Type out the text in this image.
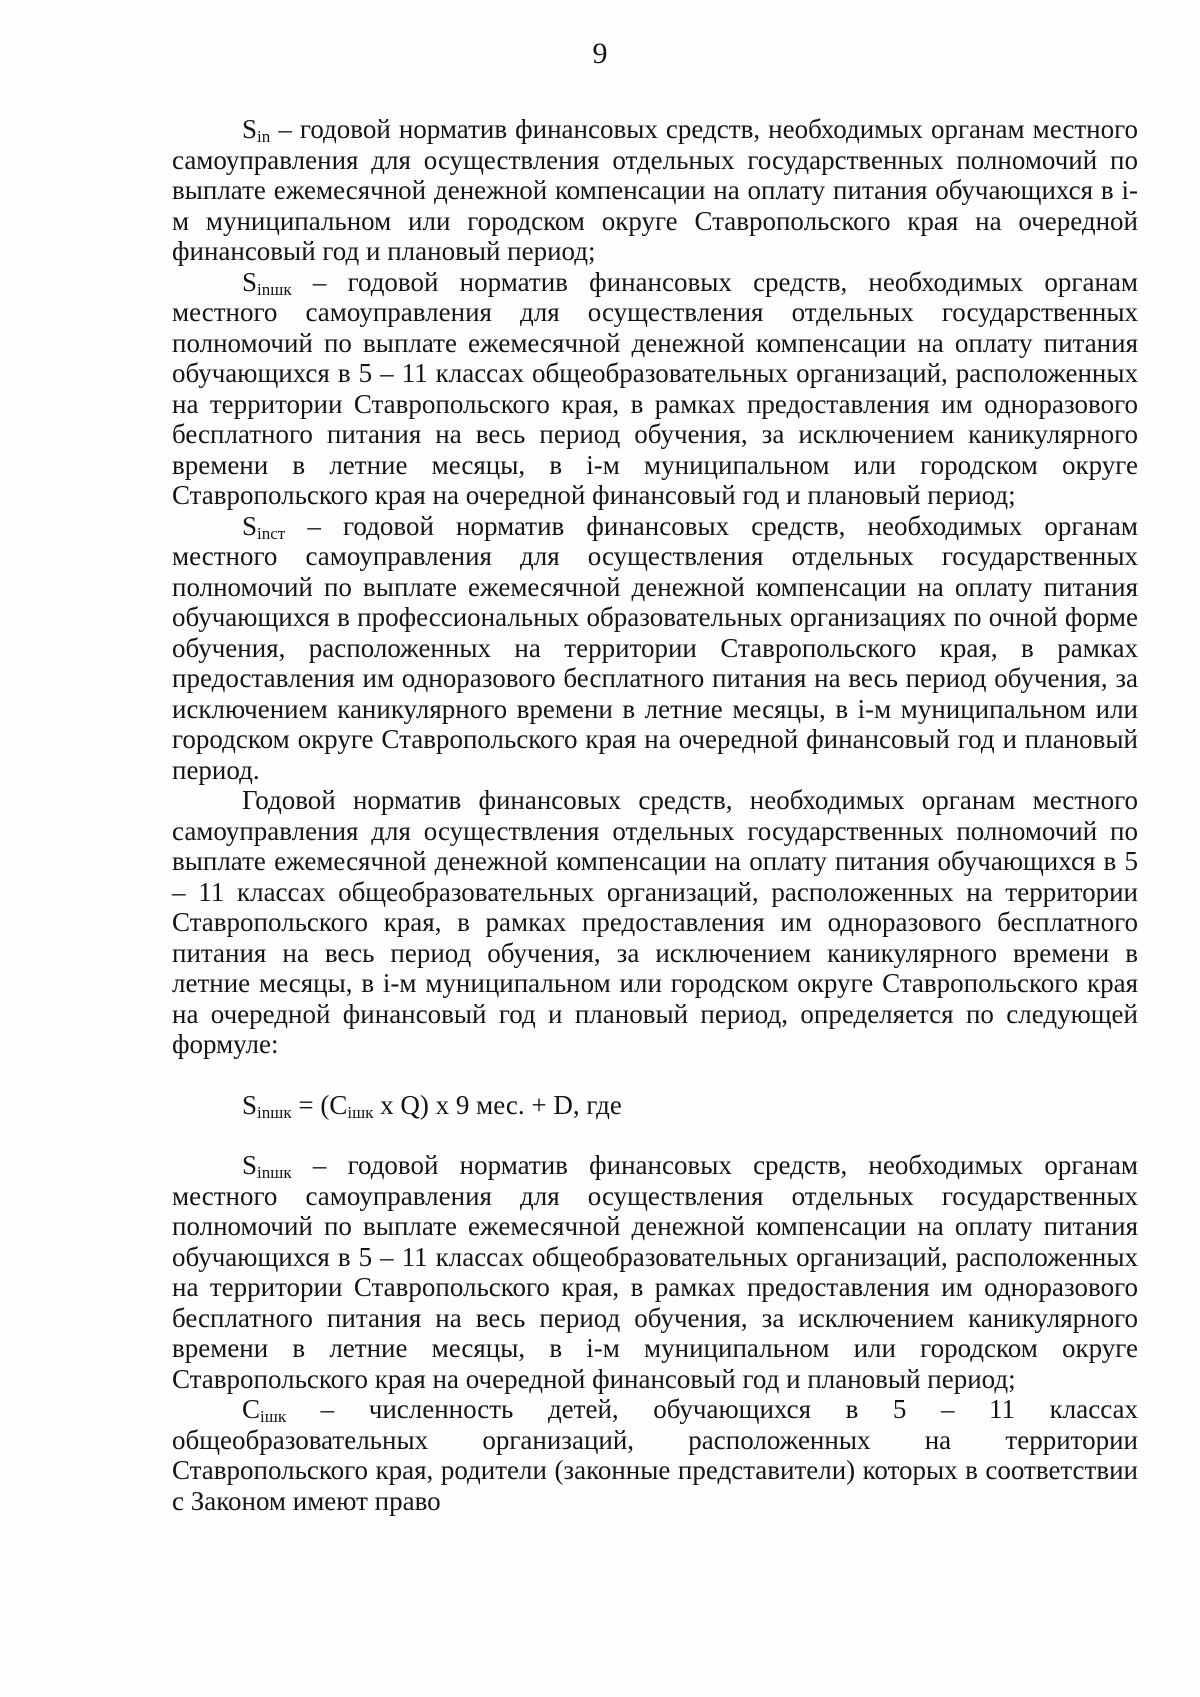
9

$S_{in}$ – годовой норматив финансовых средств, необходимых органам местного самоуправления для осуществления отдельных государственных полномочий по выплате ежемесячной денежной компенсации на оплату питания обучающихся в i-м муниципальном или городском округе Ставропольского края на очередной финансовый год и плановый период;

$S_{inшк}$ – годовой норматив финансовых средств, необходимых органам местного самоуправления для осуществления отдельных государственных полномочий по выплате ежемесячной денежной компенсации на оплату питания обучающихся в 5 – 11 классах общеобразовательных организаций, расположенных на территории Ставропольского края, в рамках предоставления им одноразового бесплатного питания на весь период обучения, за исключением каникулярного времени в летние месяцы, в i-м муниципальном или городском округе Ставропольского края на очередной финансовый год и плановый период;

$S_{inст}$ – годовой норматив финансовых средств, необходимых органам местного самоуправления для осуществления отдельных государственных полномочий по выплате ежемесячной денежной компенсации на оплату питания обучающихся в профессиональных образовательных организациях по очной форме обучения, расположенных на территории Ставропольского края, в рамках предоставления им одноразового бесплатного питания на весь период обучения, за исключением каникулярного времени в летние месяцы, в i-м муниципальном или городском округе Ставропольского края на очередной финансовый год и плановый период.

Годовой норматив финансовых средств, необходимых органам местного самоуправления для осуществления отдельных государственных полномочий по выплате ежемесячной денежной компенсации на оплату питания обучающихся в 5 – 11 классах общеобразовательных организаций, расположенных на территории Ставропольского края, в рамках предоставления им одноразового бесплатного питания на весь период обучения, за исключением каникулярного времени в летние месяцы, в i-м муниципальном или городском округе Ставропольского края на очередной финансовый год и плановый период, определяется по следующей формуле:

$S_{inшк} = (C_{iшк}$ x Q) x 9 мес. + D, где

$S_{inшк}$ – годовой норматив финансовых средств, необходимых органам местного самоуправления для осуществления отдельных государственных полномочий по выплате ежемесячной денежной компенсации на оплату питания обучающихся в 5 – 11 классах общеобразовательных организаций, расположенных на территории Ставропольского края, в рамках предоставления им одноразового бесплатного питания на весь период обучения, за исключением каникулярного времени в летние месяцы, в i-м муниципальном или городском округе Ставропольского края на очередной финансовый год и плановый период;

$C_{iшк}$ – численность детей, обучающихся в 5 – 11 классах общеобразовательных организаций, расположенных на территории Ставропольского края, родители (законные представители) которых в соответствии с Законом имеют право
